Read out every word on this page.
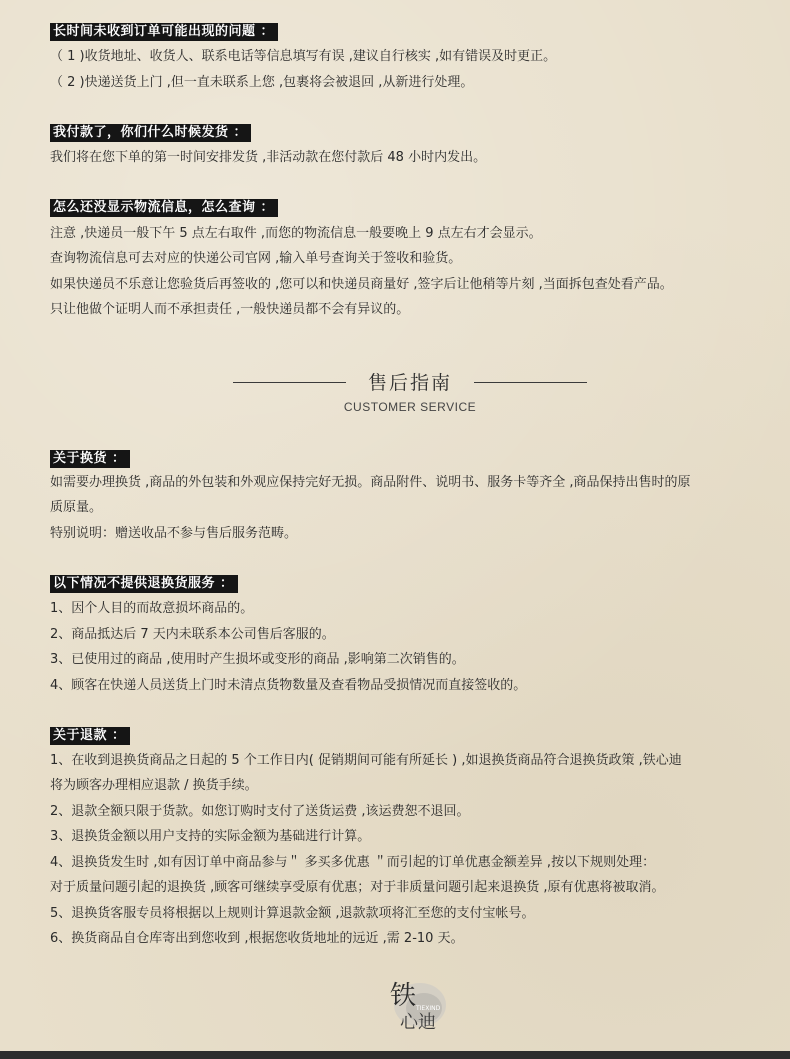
长时间未收到订单可能出现的问题 ：
（ 1 )收货地址、收货人、联系电话等信息填写有误 ,建议自行核实 ,如有错误及时更正。
（ 2 )快递送货上门 ,但一直未联系上您 ,包裹将会被退回 ,从新进行处理。
我付款了，你们什么时候发货 ：
我们将在您下单的第一时间安排发货 ,非活动款在您付款后 48 小时内发出。
怎么还没显示物流信息，怎么查询 ：
注意 ,快递员一般下午 5 点左右取件 ,而您的物流信息一般要晚上 9 点左右才会显示。
查询物流信息可去对应的快递公司官网 ,输入单号查询关于签收和验货。
如果快递员不乐意让您验货后再签收的 ,您可以和快递员商量好 ,签字后让他稍等片刻 ,当面拆包查处看产品。
只让他做个证明人而不承担责任 ,一般快递员都不会有异议的。
售后指南
CUSTOMER SERVICE
关于换货 ：
如需要办理换货 ,商品的外包装和外观应保持完好无损。商品附件、说明书、服务卡等齐全 ,商品保持出售时的原
质原量。
特别说明：赠送收品不参与售后服务范畴。
以下情况不提供退换货服务 ：
1、因个人目的而故意损坏商品的。
2、商品抵达后 7 天内未联系本公司售后客服的。
3、已使用过的商品 ,使用时产生损坏或变形的商品 ,影响第二次销售的。
4、顾客在快递人员送货上门时未清点货物数量及查看物品受损情况而直接签收的。
关于退款 ：
1、在收到退换货商品之日起的 5 个工作日内( 促销期间可能有所延长 ) ,如退换货商品符合退换货政策 ,铁心迪
将为顾客办理相应退款 / 换货手续。
2、退款全额只限于货款。如您订购时支付了送货运费 ,该运费恕不退回。
3、退换货金额以用户支持的实际金额为基础进行计算。
4、退换货发生时 ,如有因订单中商品参与＂ 多买多优惠 ＂而引起的订单优惠金额差异 ,按以下规则处理：
对于质量问题引起的退换货 ,顾客可继续享受原有优惠；对于非质量问题引起来退换货 ,原有优惠将被取消。
5、退换货客服专员将根据以上规则计算退款金额 ,退款款项将汇至您的支付宝帐号。
6、换货商品自仓库寄出到您收到 ,根据您收货地址的远近 ,需 2-10 天。
铁
心迪
TIEXIND
